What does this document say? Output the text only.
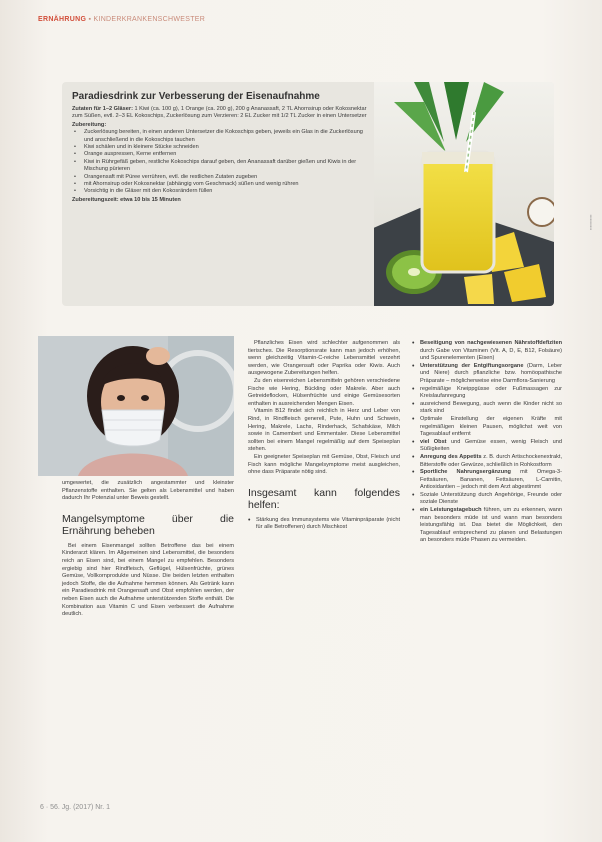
ERNÄHRUNG ▪ KINDERKRANKENSCHWESTER
Paradiesdrink zur Verbesserung der Eisenaufnahme
Zutaten für 1–2 Gläser: 1 Kiwi (ca. 100 g), 1 Orange (ca. 200 g), 200 g Ananassaft, 2 TL Ahornsirup oder Kokosnektar zum Süßen, evtl. 2–3 EL Kokoschips, Zuckerlösung zum Verzieren: 2 EL Zucker mit 1/2 TL Zucker in einen Untersetzer
Zubereitung:
• Zuckerlösung bereiten, in einen anderen Untersetzer die Kokoschips geben, jeweils ein Glas in die Zuckerlösung und anschließend in die Kokoschips tauchen
• Kiwi schälen und in kleinere Stücke schneiden
• Orange auspressen, Kerne entfernen
• Kiwi in Rührgefäß geben, restliche Kokoschips darauf geben, den Ananassaft darüber gießen und Kiwis in der Mischung pürieren
• Orangensaft mit Püree verrühren, evtl. die restlichen Zutaten zugeben
• mit Ahornsirup oder Kokosnektar (abhängig vom Geschmack) süßen und wenig rühren
• Vorsichtig in die Gläser mit den Kokosrändern füllen
Zubereitungszeit: etwa 10 bis 15 Minuten
▪▪▪▪▪▪▪▪▪▪▪

umgewertet, die zusätzlich angestammter und kleinster Pflanzenstoffe enthalten. Sie gelten als Lebensmittel und haben dadurch Ihr Potenzial unter Beweis gestellt.

Mangelsymptome über die Ernährung beheben

Bei einem Eisenmangel sollten Betroffene das bei einem Kinderarzt klären. Im Allgemeinen sind Lebensmittel, die besonders reich an Eisen sind, bei einem Mangel zu empfehlen. Besonders ergiebig sind hier Rindfleisch, Geflügel, Hülsenfrüchte, grünes Gemüse, Vollkornprodukte und Nüsse. Die beiden letzten enthalten jedoch Stoffe, die die Aufnahme hemmen können. Als Getränk kann ein Paradiesdrink mit Orangensaft und Obst empfohlen werden, der neben Eisen auch die Aufnahme unterstützenden Stoffe enthält. Die Kombination aus Vitamin C und Eisen verbessert die Aufnahme deutlich.

Pflanzliches Eisen wird schlechter aufgenommen als tierisches. Die Resorptionsrate kann man jedoch erhöhen, wenn gleichzeitig Vitamin-C-reiche Lebensmittel verzehrt werden, wie Orangensaft oder Paprika oder Kiwis. Auch ausgewogene Zubereitungen helfen.

Zu den eisenreichen Lebensmitteln gehören verschiedene Fische wie Hering, Bückling oder Makrele. Aber auch Getreideflocken, Hülsenfrüchte und einige Gemüsesorten enthalten in ausreichenden Mengen Eisen.

Vitamin B12 findet sich reichlich in Herz und Leber von Rind, in Rindfleisch generell, Pute, Huhn und Schwein, Hering, Makrele, Lachs, Rinderhack, Schafskäse, Milch sowie in Camembert und Emmentaler. Diese Lebensmittel sollten bei einem Mangel regelmäßig auf dem Speiseplan stehen.

Ein geeigneter Speiseplan mit Gemüse, Obst, Fleisch und Fisch kann mögliche Mangelsymptome meist ausgleichen, ohne dass Präparate nötig sind.

Insgesamt kann folgendes helfen:
• Stärkung des Immunsystems wie Vitaminpräparate (nicht für alle Betroffenen) durch Mischkost
• Beseitigung von nachgewiesenen Nährstoffdefiziten durch Gabe von Vitaminen (Vit. A, D, E, B12, Folsäure) und Spurenelementen (Eisen)
• Unterstützung der Entgiftungsorgane (Darm, Leber und Niere) durch pflanzliche bzw. homöopathische Präparate – möglicherweise eine Darmflora-Sanierung
• regelmäßige Kneippgüsse oder Fußmassagen zur Kreislaufanregung
• ausreichend Bewegung, auch wenn die Kinder nicht so stark sind
• Optimale Einstellung der eigenen Kräfte mit regelmäßigen kleinen Pausen, möglichst weit von Tagesablauf entfernt
• viel Obst und Gemüse essen, wenig Fleisch und Süßigkeiten
• Anregung des Appetits z. B. durch Artischockenextrakt, Bitterstoffe oder Gewürze, schließlich in Rohkostform
• Sportliche Nahrungsergänzung mit Omega-3-Fettsäuren, Bananen, Fettsäuren, L-Carnitin, Antioxidantien – jedoch mit dem Arzt abgestimmt
• Soziale Unterstützung durch Angehörige, Freunde oder soziale Dienste
• ein Leistungstagebuch führen, um zu erkennen, wann man besonders müde ist und wann man besonders leistungsfähig ist. Das bietet die Möglichkeit, den Tagesablauf entsprechend zu planen und Belastungen an besonders müde Phasen zu vermeiden.
6 · 56. Jg. (2017) Nr. 1
